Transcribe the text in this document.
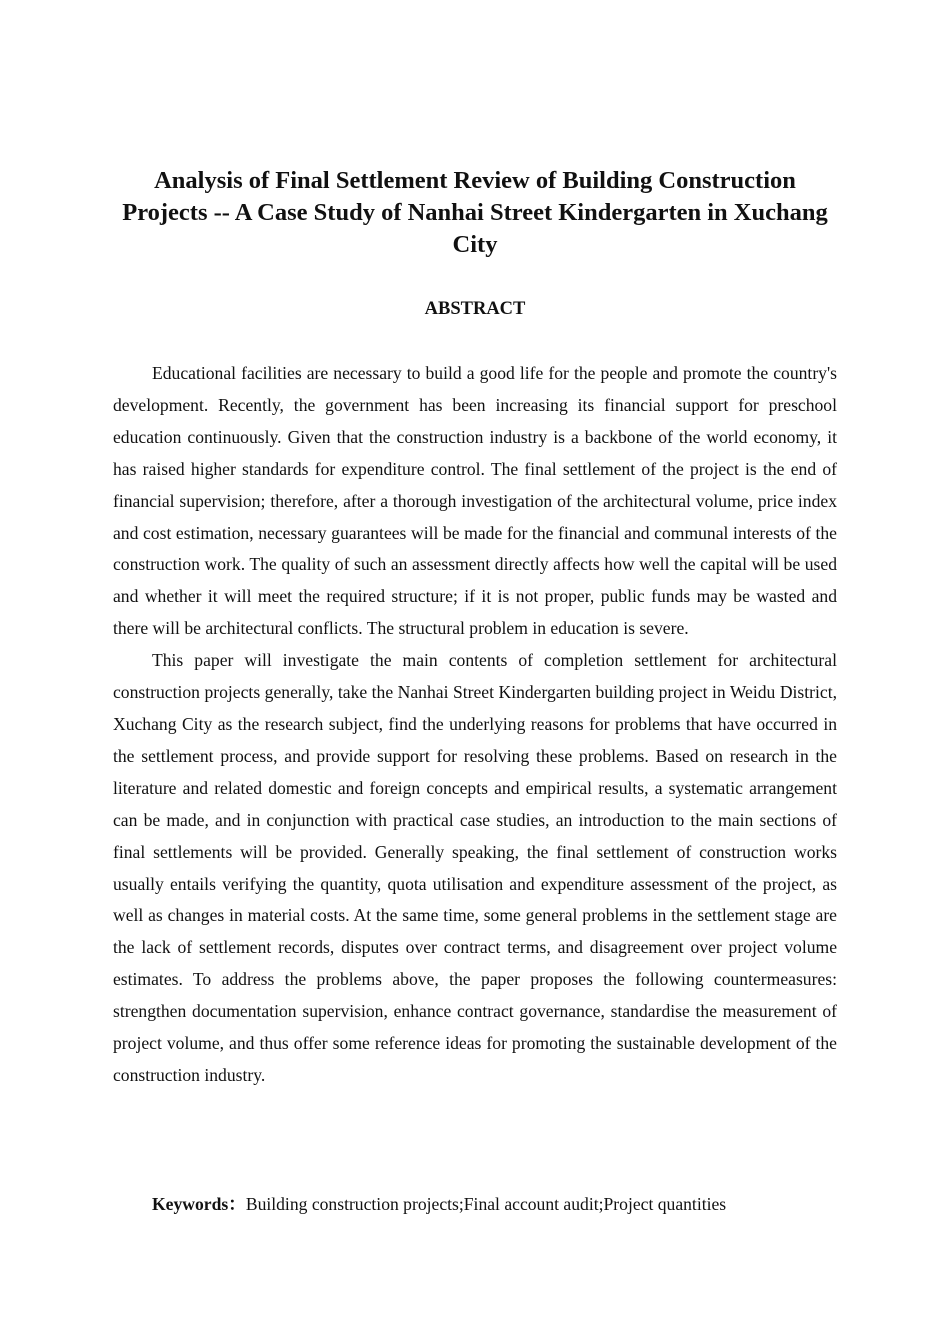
Analysis of Final Settlement Review of Building Construction Projects -- A Case Study of Nanhai Street Kindergarten in Xuchang City
ABSTRACT

Educational facilities are necessary to build a good life for the people and promote the country's development. Recently, the government has been increasing its financial support for preschool education continuously. Given that the construction industry is a backbone of the world economy, it has raised higher standards for expenditure control. The final settlement of the project is the end of financial supervision; therefore, after a thorough investigation of the architectural volume, price index and cost estimation, necessary guarantees will be made for the financial and communal interests of the construction work. The quality of such an assessment directly affects how well the capital will be used and whether it will meet the required structure; if it is not proper, public funds may be wasted and there will be architectural conflicts. The structural problem in education is severe.

This paper will investigate the main contents of completion settlement for architectural construction projects generally, take the Nanhai Street Kindergarten building project in Weidu District, Xuchang City as the research subject, find the underlying reasons for problems that have occurred in the settlement process, and provide support for resolving these problems. Based on research in the literature and related domestic and foreign concepts and empirical results, a systematic arrangement can be made, and in conjunction with practical case studies, an introduction to the main sections of final settlements will be provided. Generally speaking, the final settlement of construction works usually entails verifying the quantity, quota utilisation and expenditure assessment of the project, as well as changes in material costs. At the same time, some general problems in the settlement stage are the lack of settlement records, disputes over contract terms, and disagreement over project volume estimates. To address the problems above, the paper proposes the following countermeasures: strengthen documentation supervision, enhance contract governance, standardise the measurement of project volume, and thus offer some reference ideas for promoting the sustainable development of the construction industry.

Keywords：Building construction projects;Final account audit;Project quantities
